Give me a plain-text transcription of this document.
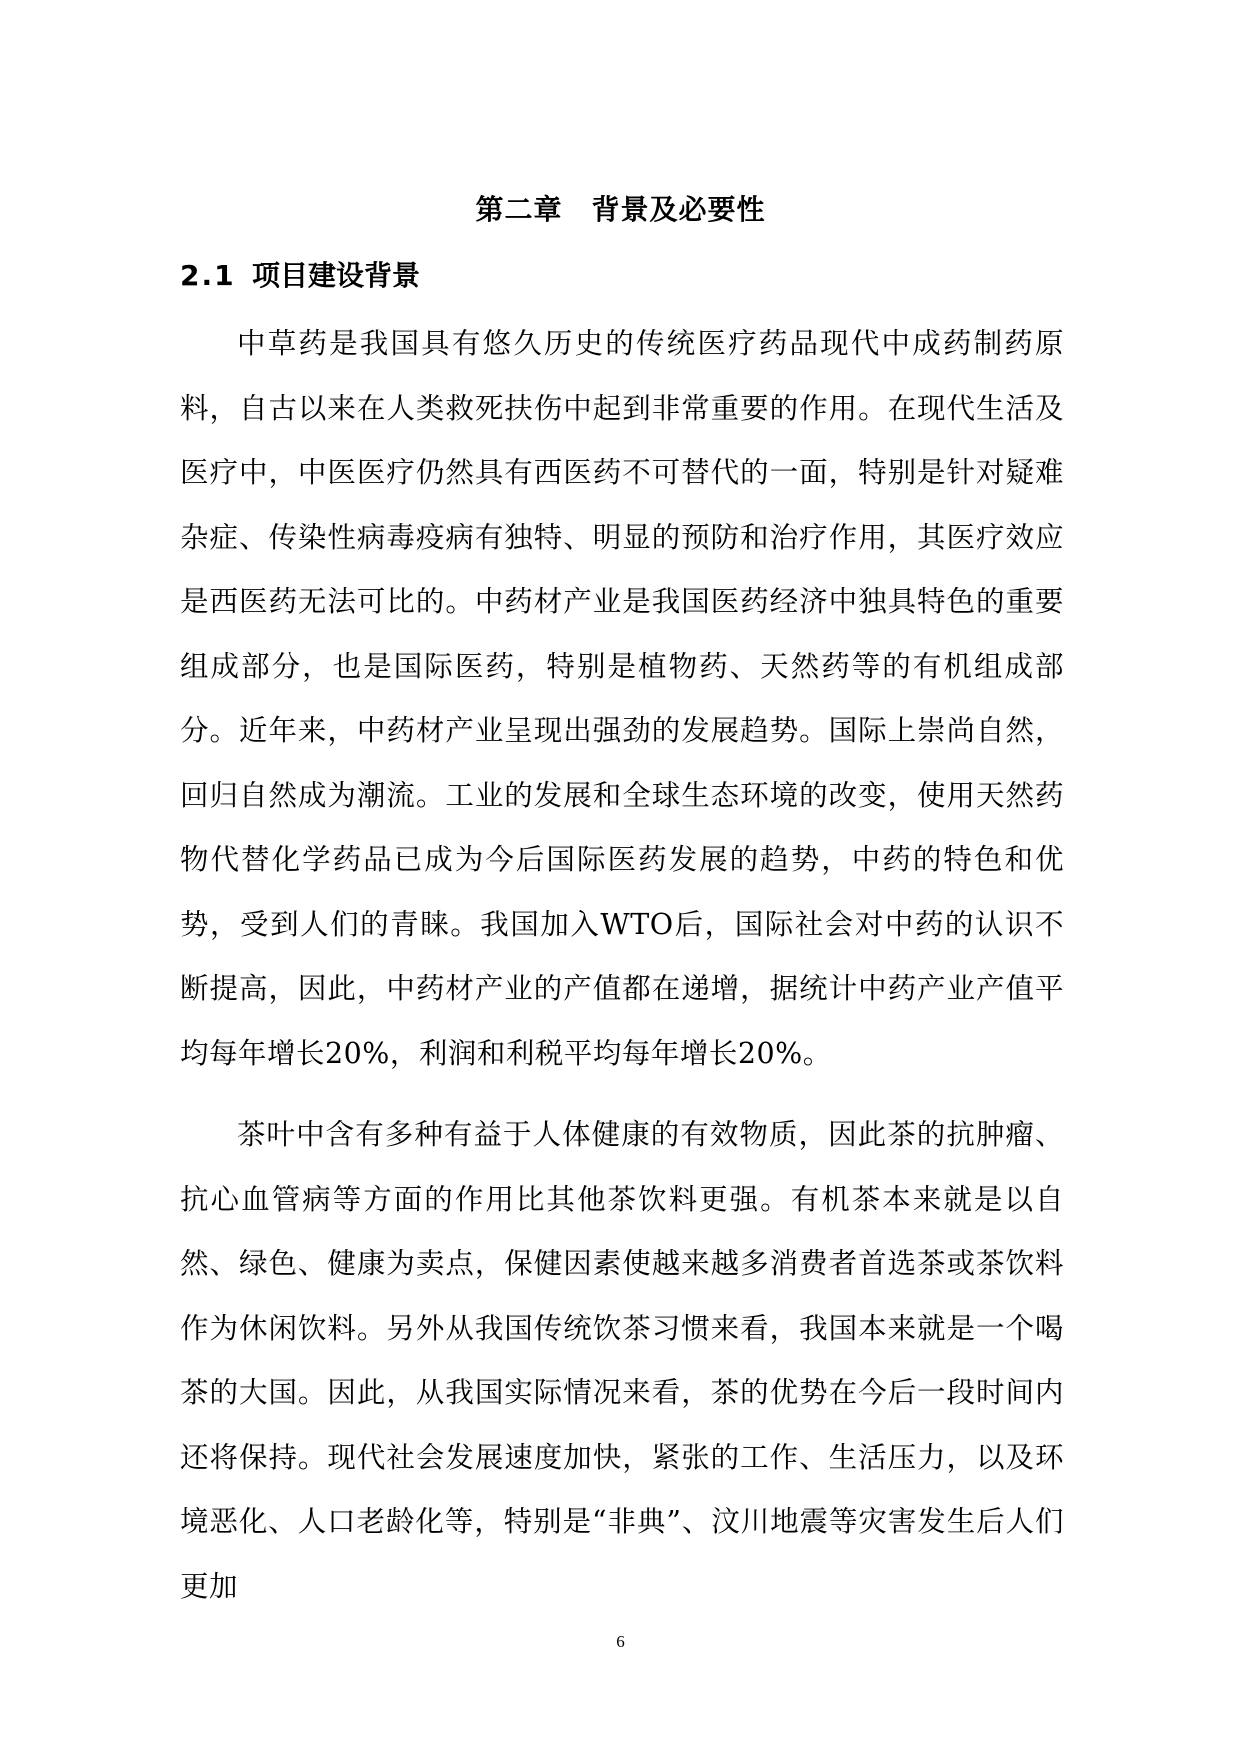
第二章　背景及必要性
2.1 项目建设背景

中草药是我国具有悠久历史的传统医疗药品现代中成药制药原料，自古以来在人类救死扶伤中起到非常重要的作用。在现代生活及医疗中，中医医疗仍然具有西医药不可替代的一面，特别是针对疑难杂症、传染性病毒疫病有独特、明显的预防和治疗作用，其医疗效应是西医药无法可比的。中药材产业是我国医药经济中独具特色的重要组成部分，也是国际医药，特别是植物药、天然药等的有机组成部分。近年来，中药材产业呈现出强劲的发展趋势。国际上崇尚自然，回归自然成为潮流。工业的发展和全球生态环境的改变，使用天然药物代替化学药品已成为今后国际医药发展的趋势，中药的特色和优势，受到人们的青睐。我国加入WTO后，国际社会对中药的认识不断提高，因此，中药材产业的产值都在递增，据统计中药产业产值平均每年增长20%，利润和利税平均每年增长20%。

茶叶中含有多种有益于人体健康的有效物质，因此茶的抗肿瘤、抗心血管病等方面的作用比其他茶饮料更强。有机茶本来就是以自然、绿色、健康为卖点，保健因素使越来越多消费者首选茶或茶饮料作为休闲饮料。另外从我国传统饮茶习惯来看，我国本来就是一个喝茶的大国。因此，从我国实际情况来看，茶的优势在今后一段时间内还将保持。现代社会发展速度加快，紧张的工作、生活压力，以及环境恶化、人口老龄化等，特别是“非典”、汶川地震等灾害发生后人们更加

6
